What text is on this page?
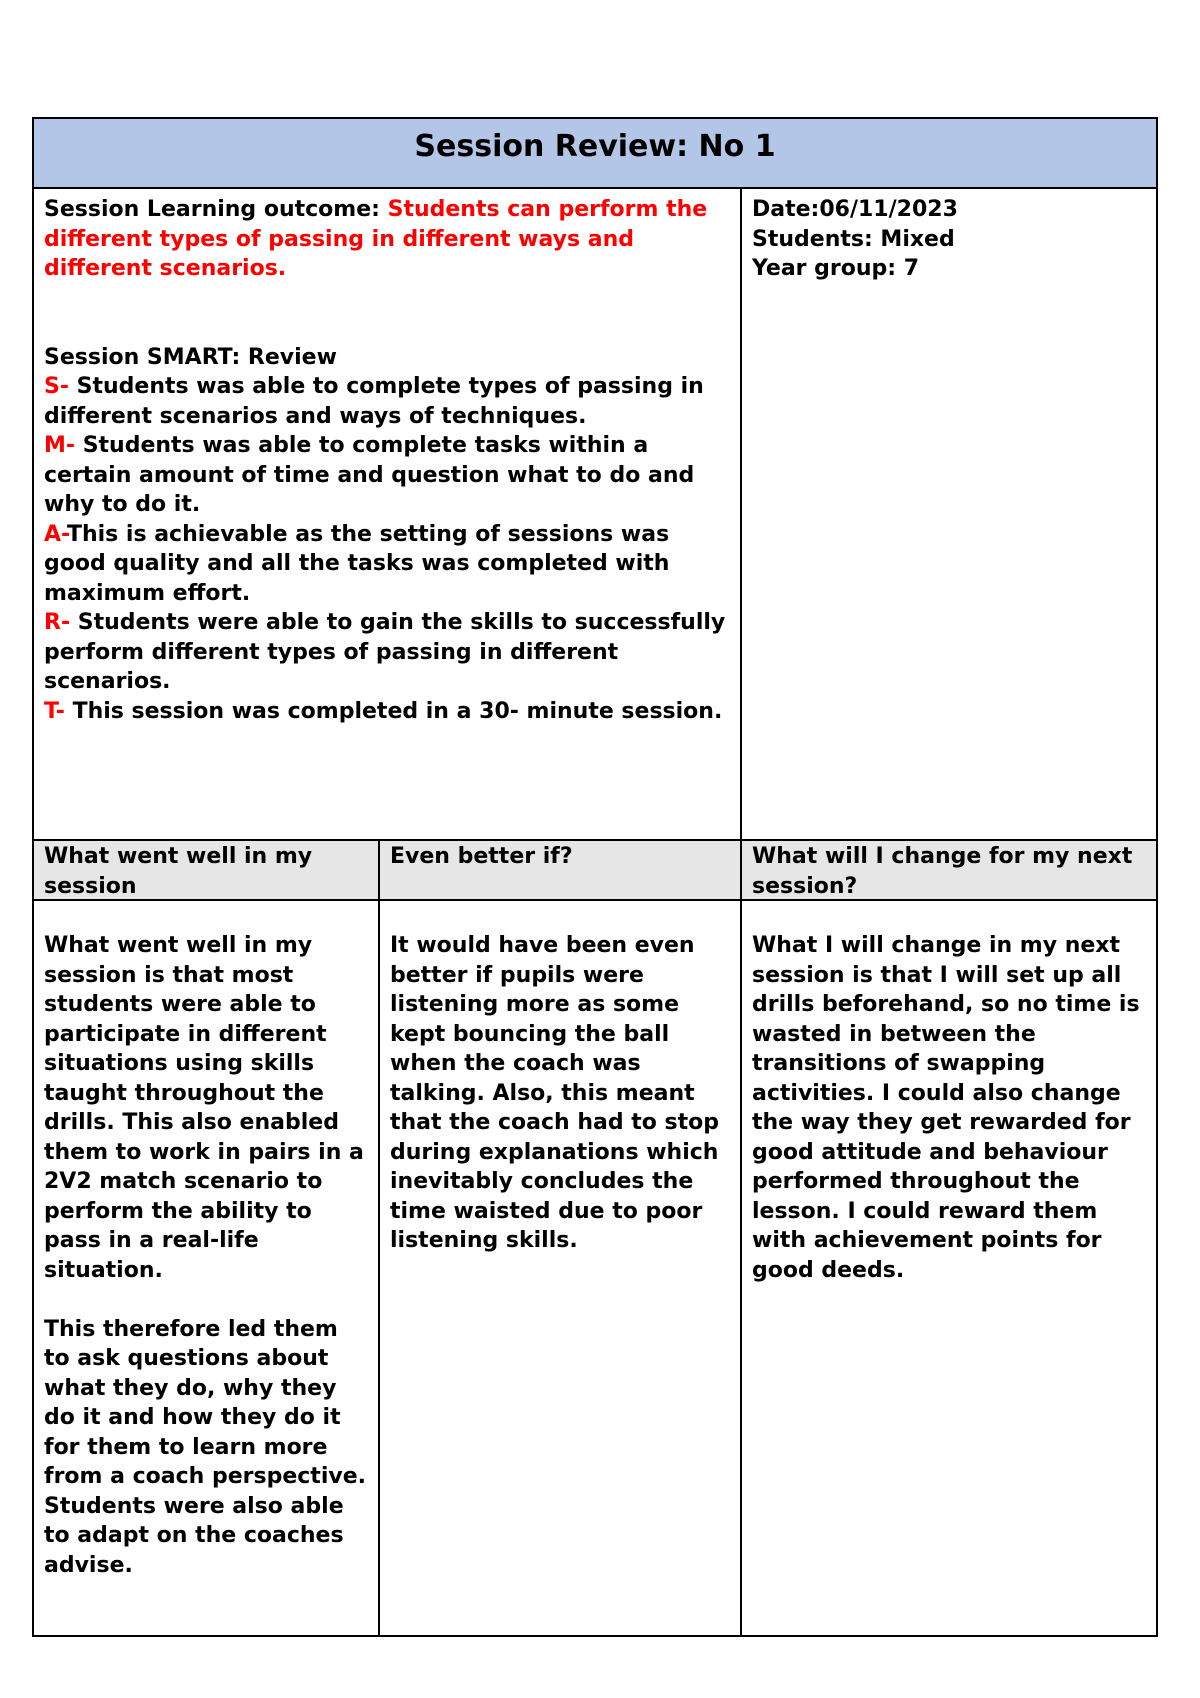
Session Review: No 1
Session Learning outcome: Students can perform the different types of passing in different ways and different scenarios.
Session SMART: Review
S- Students was able to complete types of passing in different scenarios and ways of techniques.
M- Students was able to complete tasks within a certain amount of time and question what to do and why to do it.
A-This is achievable as the setting of sessions was good quality and all the tasks was completed with maximum effort.
R- Students were able to gain the skills to successfully perform different types of passing in different scenarios.
T- This session was completed in a 30- minute session.
Date:06/11/2023
Students: Mixed
Year group: 7
What went well in my session
Even better if?	What will I change for my next session?
What went well in my session is that most students were able to participate in different situations using skills taught throughout the drills. This also enabled them to work in pairs in a 2V2 match scenario to perform the ability to pass in a real-life situation.
This therefore led them to ask questions about what they do, why they do it and how they do it for them to learn more from a coach perspective. Students were also able to adapt on the coaches advise.
It would have been even better if pupils were listening more as some kept bouncing the ball when the coach was talking. Also, this meant that the coach had to stop during explanations which inevitably concludes the time waisted due to poor listening skills.
What I will change in my next session is that I will set up all drills beforehand, so no time is wasted in between the transitions of swapping activities. I could also change the way they get rewarded for good attitude and behaviour performed throughout the lesson. I could reward them with achievement points for good deeds.
